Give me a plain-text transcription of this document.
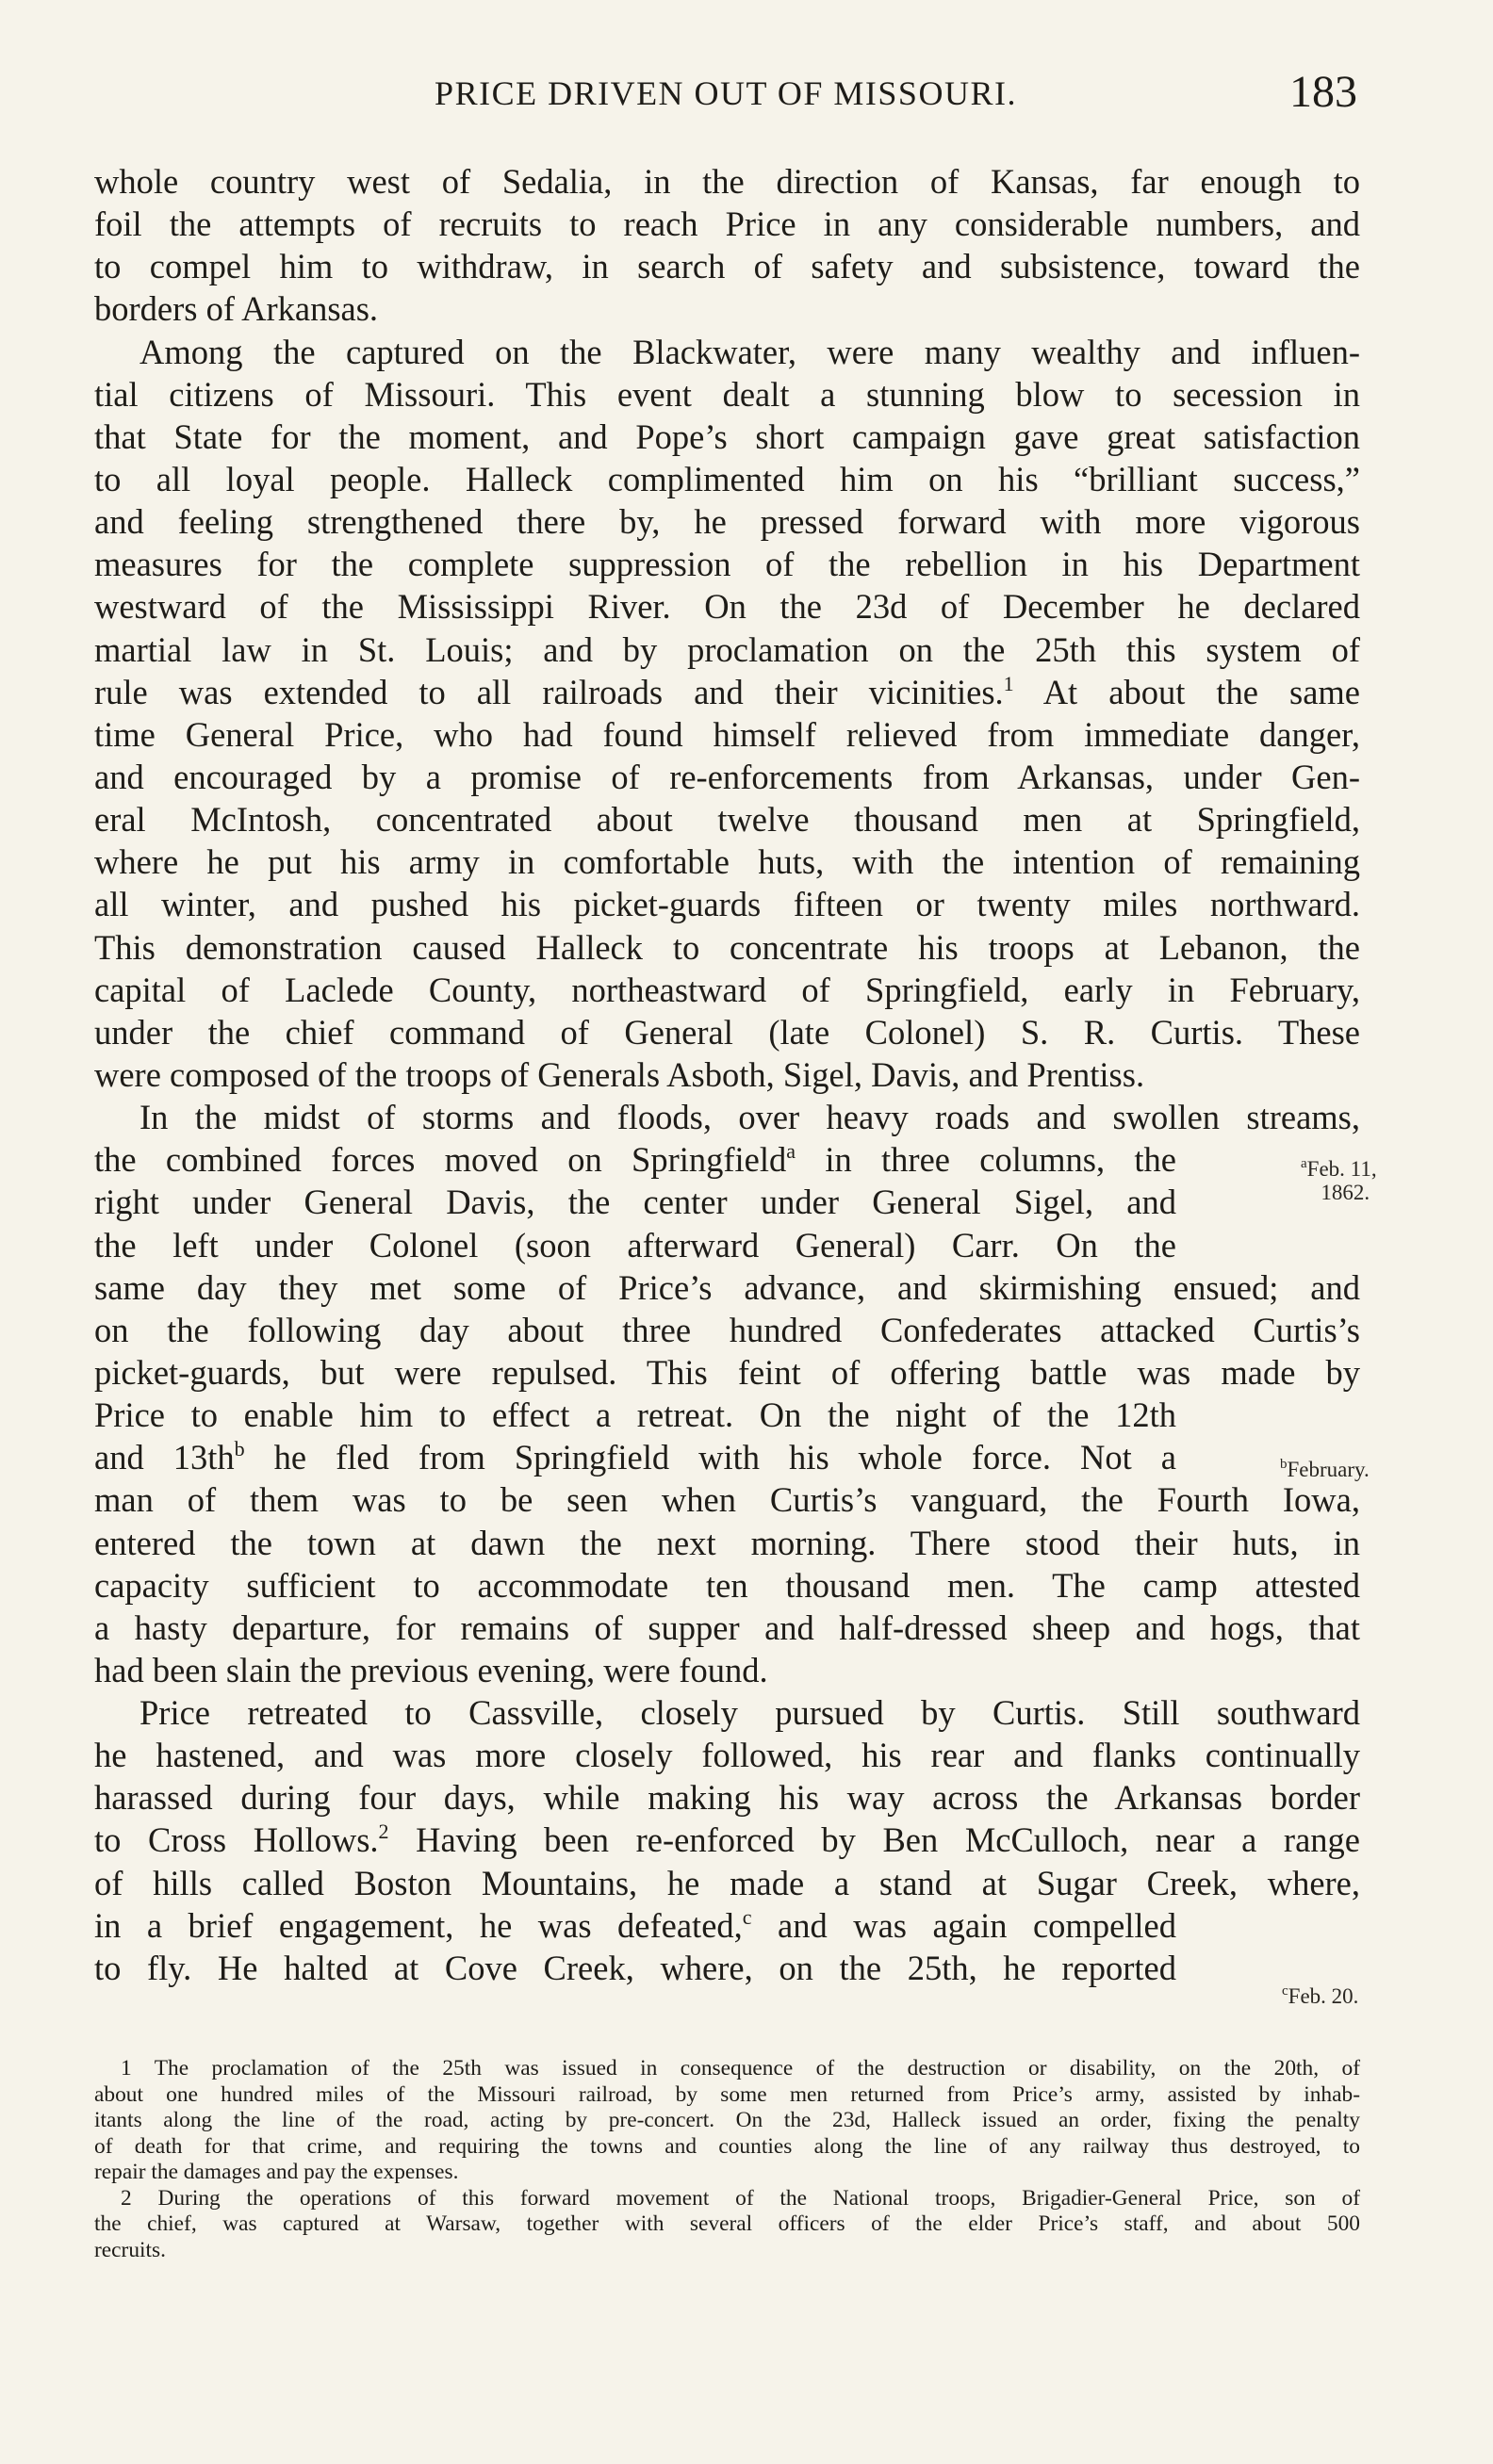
PRICE DRIVEN OUT OF MISSOURI.	183
whole country west of Sedalia, in the direction of Kansas, far enough to
foil the attempts of recruits to reach Price in any considerable numbers, and
to compel him to withdraw, in search of safety and subsistence, toward the
borders of Arkansas.
Among the captured on the Blackwater, were many wealthy and influen-
tial citizens of Missouri. This event dealt a stunning blow to secession in
that State for the moment, and Pope’s short campaign gave great satisfaction
to all loyal people. Halleck complimented him on his “brilliant success,”
and feeling strengthened there by, he pressed forward with more vigorous
measures for the complete suppression of the rebellion in his Department
westward of the Mississippi River. On the 23d of December he declared
martial law in St. Louis; and by proclamation on the 25th this system of
rule was extended to all railroads and their vicinities.$^1$ At about the same
time General Price, who had found himself relieved from immediate danger,
and encouraged by a promise of re-enforcements from Arkansas, under Gen-
eral McIntosh, concentrated about twelve thousand men at Springfield,
where he put his army in comfortable huts, with the intention of remaining
all winter, and pushed his picket-guards fifteen or twenty miles northward.
This demonstration caused Halleck to concentrate his troops at Lebanon, the
capital of Laclede County, northeastward of Springfield, early in February,
under the chief command of General (late Colonel) S. R. Curtis. These
were composed of the troops of Generals Asboth, Sigel, Davis, and Prentiss.
In the midst of storms and floods, over heavy roads and swollen streams,
the combined forces moved on Springfield$^a$ in three columns, the
right under General Davis, the center under General Sigel, and
the left under Colonel (soon afterward General) Carr. On the
same day they met some of Price’s advance, and skirmishing ensued; and
on the following day about three hundred Confederates attacked Curtis’s
picket-guards, but were repulsed. This feint of offering battle was made by
Price to enable him to effect a retreat. On the night of the 12th
and $13th^b$ he fled from Springfield with his whole force. Not a
man of them was to be seen when Curtis’s vanguard, the Fourth Iowa,
entered the town at dawn the next morning. There stood their huts, in
capacity sufficient to accommodate ten thousand men. The camp attested
a hasty departure, for remains of supper and half-dressed sheep and hogs, that
had been slain the previous evening, were found.
Price retreated to Cassville, closely pursued by Curtis. Still southward
he hastened, and was more closely followed, his rear and flanks continually
harassed during four days, while making his way across the Arkansas border
to Cross Hollows.$^2$ Having been re-enforced by Ben McCulloch, near a range
of hills called Boston Mountains, he made a stand at Sugar Creek, where,
in a brief engagement, he was defeated,$^c$ and was again compelled
to fly. He halted at Cove Creek, where, on the 25th, he reported
$^a$Feb. 11,
1862.
$^b$February.
$^c$Feb. 20.
1 The proclamation of the 25th was issued in consequence of the destruction or disability, on the 20th, of
about one hundred miles of the Missouri railroad, by some men returned from Price’s army, assisted by inhab-
itants along the line of the road, acting by pre-concert. On the 23d, Halleck issued an order, fixing the penalty
of death for that crime, and requiring the towns and counties along the line of any railway thus destroyed, to
repair the damages and pay the expenses.
2 During the operations of this forward movement of the National troops, Brigadier-General Price, son of
the chief, was captured at Warsaw, together with several officers of the elder Price’s staff, and about 500
recruits.
